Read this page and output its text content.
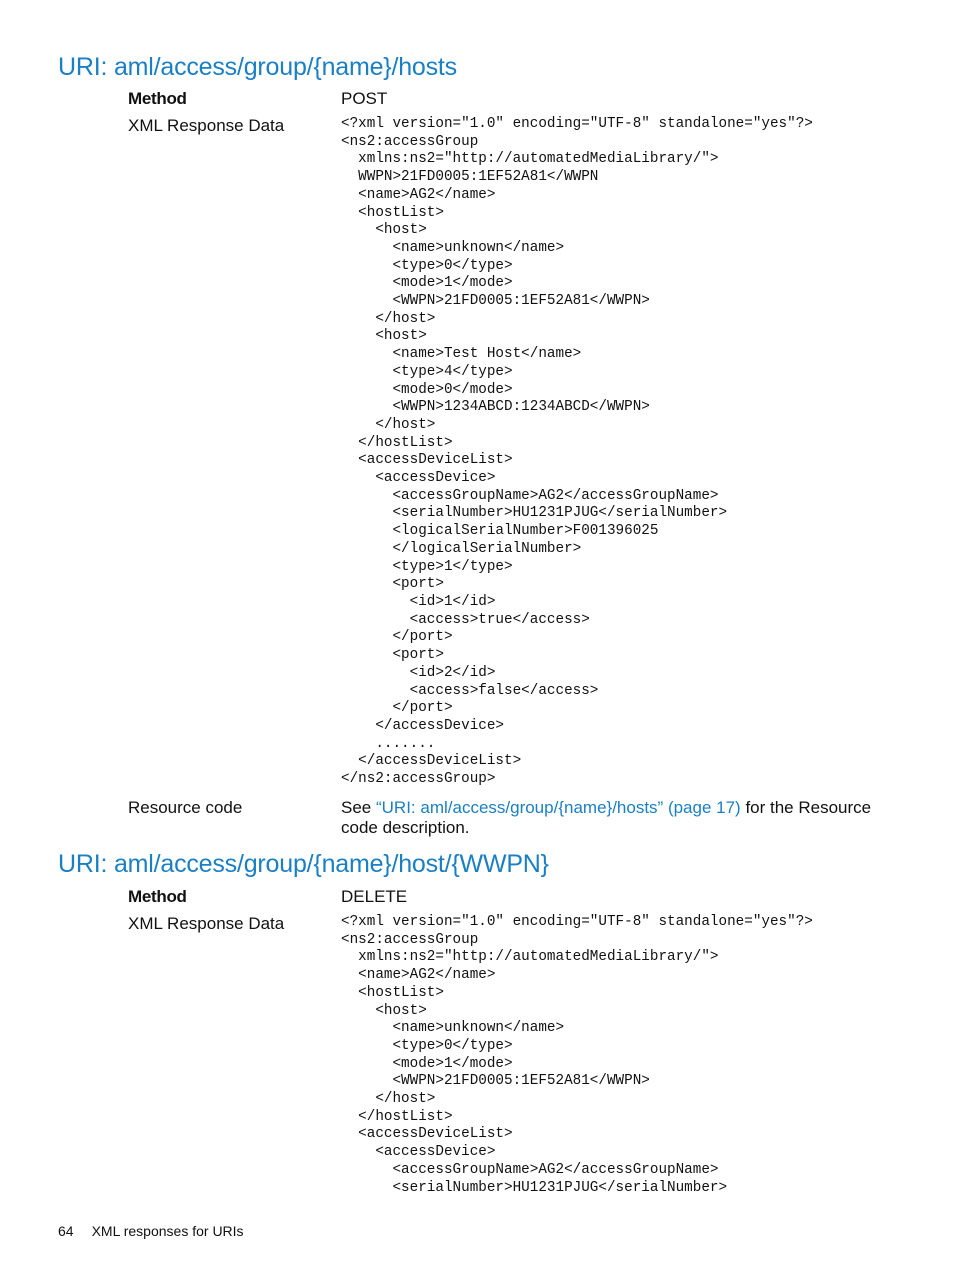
URI: aml/access/group/{name}/hosts
Method	POST
XML Response Data	<?xml version="1.0" encoding="UTF-8" standalone="yes"?>
<ns2:accessGroup
xmlns:ns2="http://automatedMediaLibrary/">
WWPN>21FD0005:1EF52A81</WWPN
<name>AG2</name>
<hostList>
<host>
<name>unknown</name>
<type>0</type>
<mode>1</mode>
<WWPN>21FD0005:1EF52A81</WWPN>
</host>
<host>
<name>Test Host</name>
<type>4</type>
<mode>0</mode>
<WWPN>1234ABCD:1234ABCD</WWPN>
</host>
</hostList>
<accessDeviceList>
<accessDevice>
<accessGroupName>AG2</accessGroupName>
<serialNumber>HU1231PJUG</serialNumber>
<logicalSerialNumber>F001396025
</logicalSerialNumber>
<type>1</type>
<port>
<id>1</id>
<access>true</access>
</port>
<port>
<id>2</id>
<access>false</access>
</port>
</accessDevice>
.......
</accessDeviceList>
</ns2:accessGroup>
Resource code	See “URI: aml/access/group/{name}/hosts” (page 17) for the Resource code description.
URI: aml/access/group/{name}/host/{WWPN}
Method	DELETE
XML Response Data	<?xml version="1.0" encoding="UTF-8" standalone="yes"?>
<ns2:accessGroup
xmlns:ns2="http://automatedMediaLibrary/">
<name>AG2</name>
<hostList>
<host>
<name>unknown</name>
<type>0</type>
<mode>1</mode>
<WWPN>21FD0005:1EF52A81</WWPN>
</host>
</hostList>
<accessDeviceList>
<accessDevice>
<accessGroupName>AG2</accessGroupName>
<serialNumber>HU1231PJUG</serialNumber>
64 XML responses for URIs
